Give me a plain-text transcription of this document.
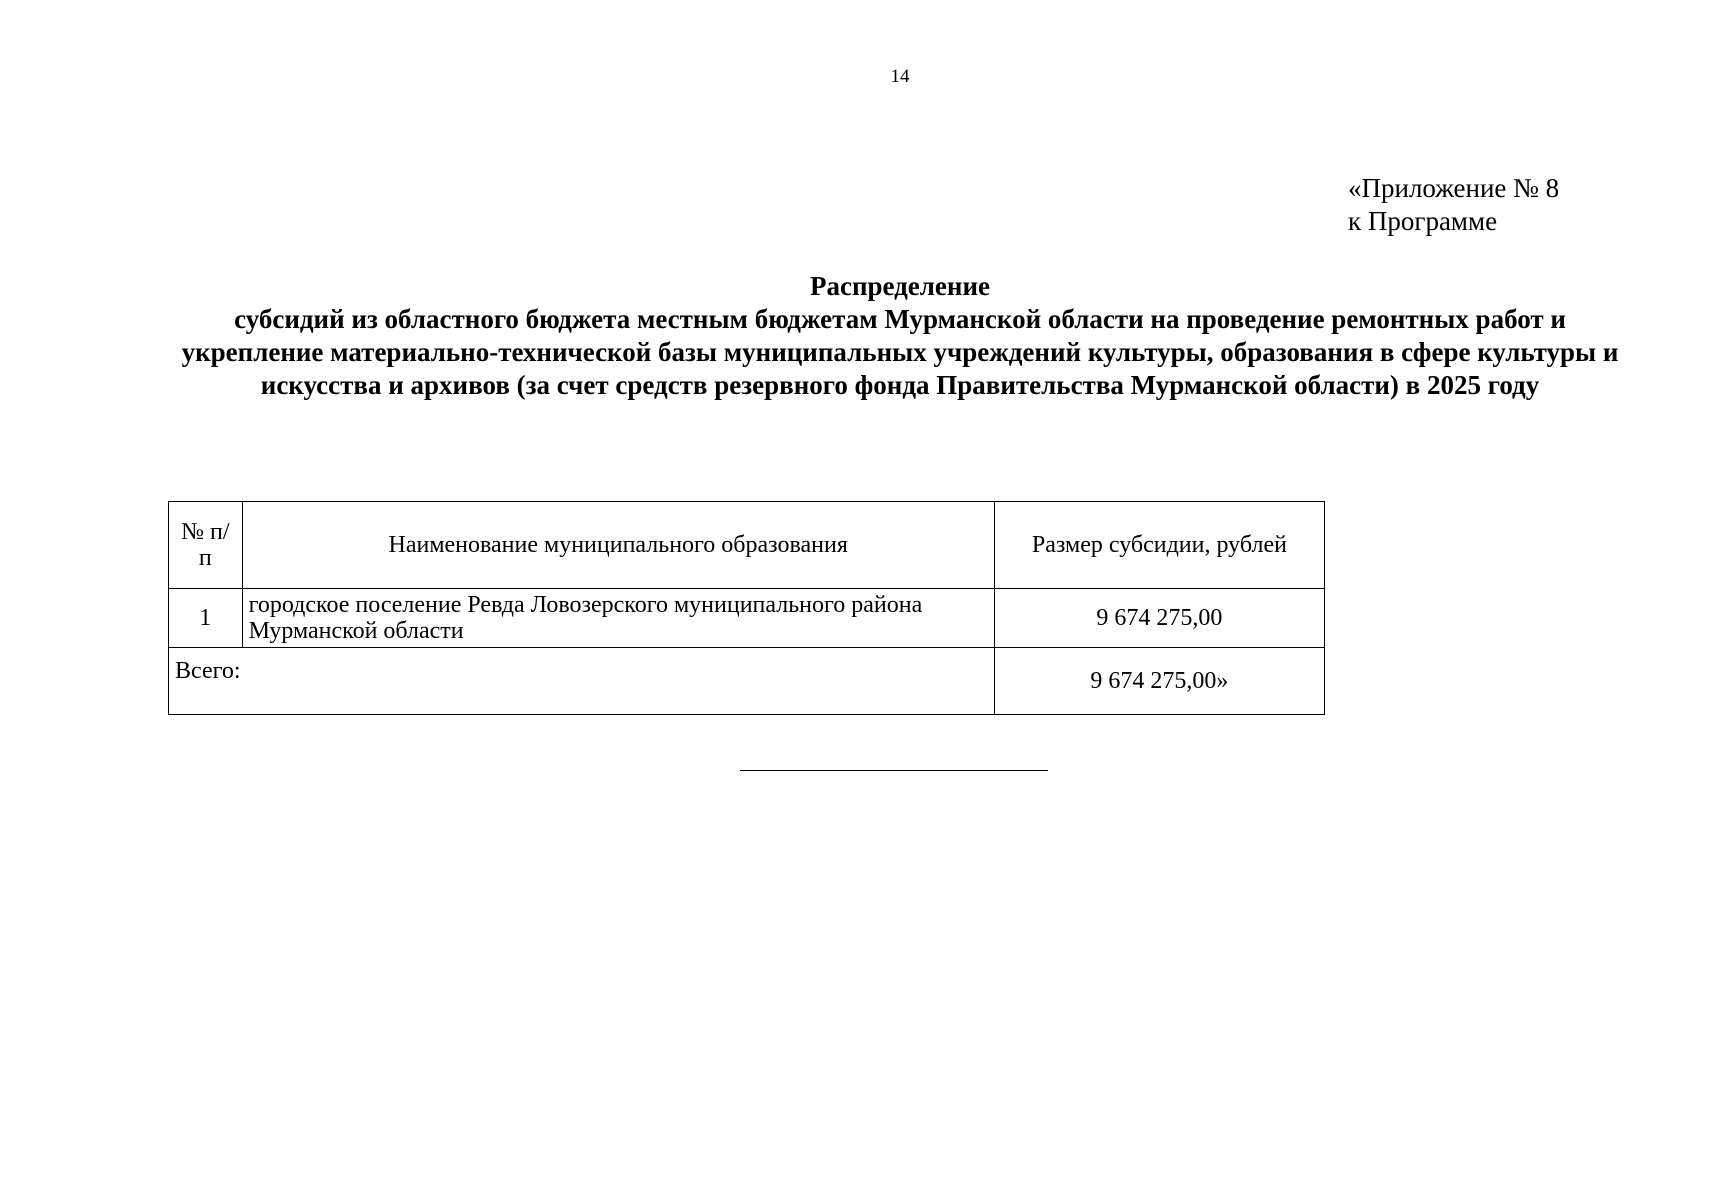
14
«Приложение № 8
к Программе
Распределение
субсидий из областного бюджета местным бюджетам Мурманской области на проведение ремонтных работ и укрепление материально-технической базы муниципальных учреждений культуры, образования в сфере культуры и искусства и архивов (за счет средств резервного фонда Правительства Мурманской области) в 2025 году
№ п/п	Наименование муниципального образования	Размер субсидии, рублей
1	городское поселение Ревда Ловозерского муниципального района Мурманской области	9 674 275,00
Всего:		9 674 275,00»
